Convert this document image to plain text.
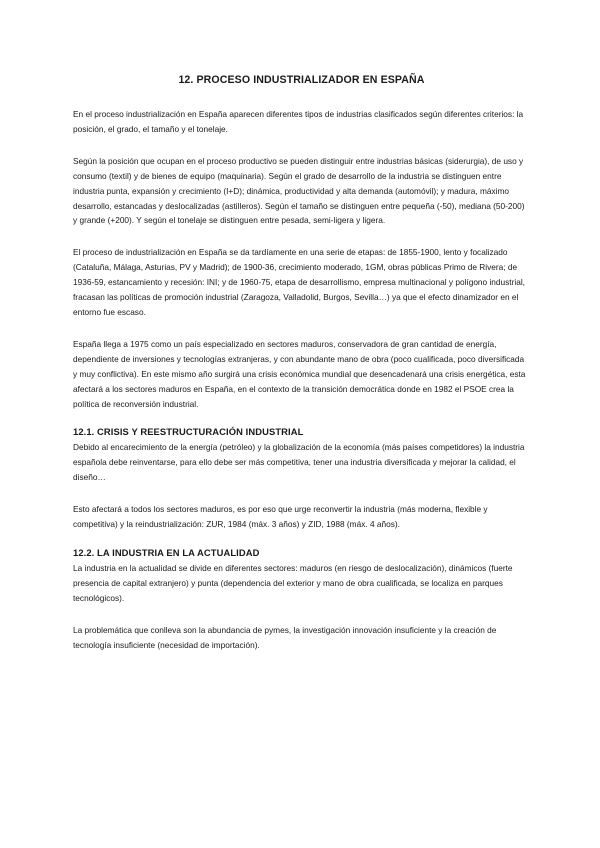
12. PROCESO INDUSTRIALIZADOR EN ESPAÑA

En el proceso industrialización en España aparecen diferentes tipos de industrias clasificados según diferentes criterios: la posición, el grado, el tamaño y el tonelaje.

Según la posición que ocupan en el proceso productivo se pueden distinguir entre industrias básicas (siderurgia), de uso y consumo (textil) y de bienes de equipo (maquinaria). Según el grado de desarrollo de la industria se distinguen entre industria punta, expansión y crecimiento (I+D); dinámica, productividad y alta demanda (automóvil); y madura, máximo desarrollo, estancadas y deslocalizadas (astilleros). Según el tamaño se distinguen entre pequeña (-50), mediana (50-200) y grande (+200). Y según el tonelaje se distinguen entre pesada, semi-ligera y ligera.

El proceso de industrialización en España se da tardíamente en una serie de etapas: de 1855-1900, lento y focalizado (Cataluña, Málaga, Asturias, PV y Madrid); de 1900-36, crecimiento moderado, 1GM, obras públicas Primo de Rivera; de 1936-59, estancamiento y recesión: INI; y de 1960-75, etapa de desarrollismo, empresa multinacional y polígono industrial, fracasan las políticas de promoción industrial (Zaragoza, Valladolid, Burgos, Sevilla…) ya que el efecto dinamizador en el entorno fue escaso.

España llega a 1975 como un país especializado en sectores maduros, conservadora de gran cantidad de energía, dependiente de inversiones y tecnologías extranjeras, y con abundante mano de obra (poco cualificada, poco diversificada y muy conflictiva). En este mismo año surgirá una crisis económica mundial que desencadenará una crisis energética, esta afectará a los sectores maduros en España, en el contexto de la transición democrática donde en 1982 el PSOE crea la política de reconversión industrial.

12.1. CRISIS Y REESTRUCTURACIÓN INDUSTRIAL

Debido al encarecimiento de la energía (petróleo) y la globalización de la economía (más países competidores) la industria española debe reinventarse, para ello debe ser más competitiva, tener una industria diversificada y mejorar la calidad, el diseño…

Esto afectará a todos los sectores maduros, es por eso que urge reconvertir la industria (más moderna, flexible y competitiva) y la reindustrialización: ZUR, 1984 (máx. 3 años) y ZID, 1988 (máx. 4 años).

12.2. LA INDUSTRIA EN LA ACTUALIDAD

La industria en la actualidad se divide en diferentes sectores: maduros (en riesgo de deslocalización), dinámicos (fuerte presencia de capital extranjero) y punta (dependencia del exterior y mano de obra cualificada, se localiza en parques tecnológicos).

La problemática que conlleva son la abundancia de pymes, la investigación innovación insuficiente y la creación de tecnología insuficiente (necesidad de importación).
